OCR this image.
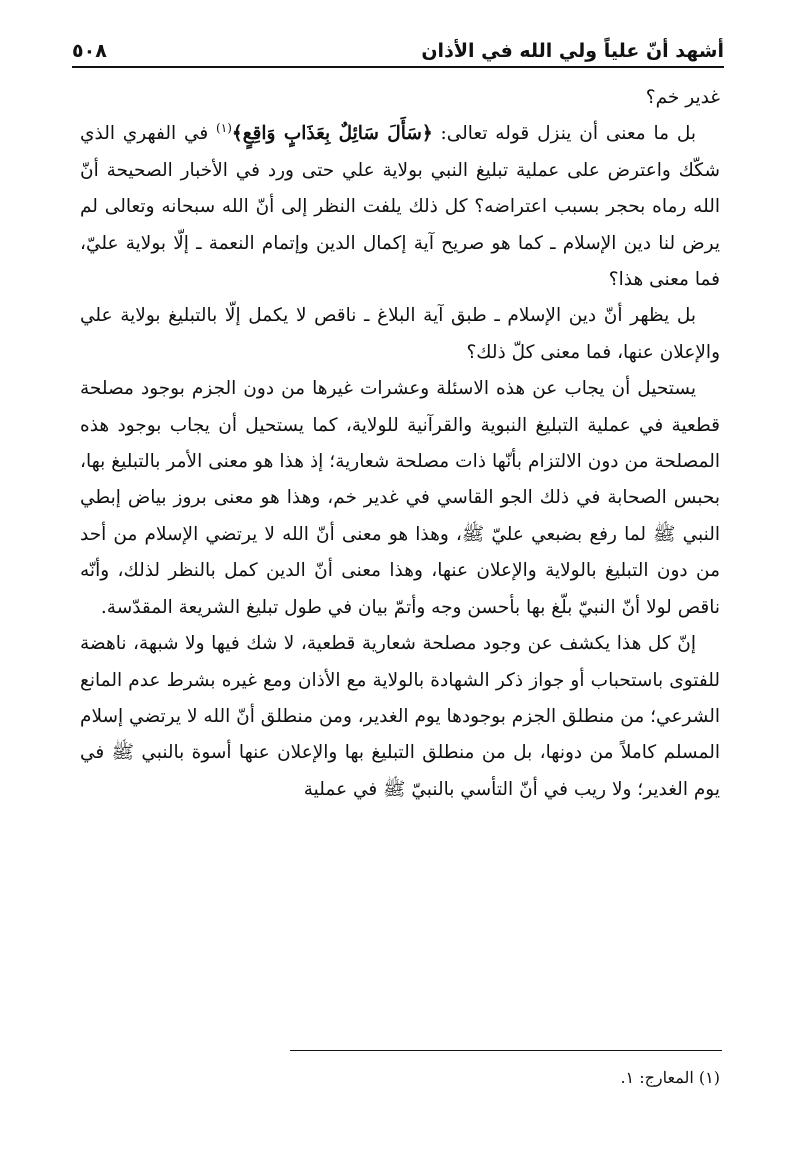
٥٠٨	أشهد أنّ علياً ولي الله في الأذان

غدير خم؟

بل ما معنى أن ينزل قوله تعالى: ﴿سَأَلَ سَائِلٌ بِعَذَابٍ وَاقِعٍ﴾$^{(١)}$ في الفهري الذي شكّك واعترض على عملية تبليغ النبي بولاية علي حتى ورد في الأخبار الصحيحة أنّ الله رماه بحجر بسبب اعتراضه؟ كل ذلك يلفت النظر إلى أنّ الله سبحانه وتعالى لم يرض لنا دين الإسلام ـ كما هو صريح آية إكمال الدين وإتمام النعمة ـ إلّا بولاية عليّ، فما معنى هذا؟

بل يظهر أنّ دين الإسلام ـ طبق آية البلاغ ـ ناقص لا يكمل إلّا بالتبليغ بولاية علي والإعلان عنها، فما معنى كلّ ذلك؟

يستحيل أن يجاب عن هذه الاسئلة وعشرات غيرها من دون الجزم بوجود مصلحة قطعية في عملية التبليغ النبوية والقرآنية للولاية، كما يستحيل أن يجاب بوجود هذه المصلحة من دون الالتزام بأنّها ذات مصلحة شعارية؛ إذ هذا هو معنى الأمر بالتبليغ بها، بحبس الصحابة في ذلك الجو القاسي في غدير خم، وهذا هو معنى بروز بياض إبطي النبي ﷺ لما رفع بضبعي عليّ ﷺ، وهذا هو معنى أنّ الله لا يرتضي الإسلام من أحد من دون التبليغ بالولاية والإعلان عنها، وهذا معنى أنّ الدين كمل بالنظر لذلك، وأنّه ناقص لولا أنّ النبيّ بلّغ بها بأحسن وجه وأتمّ بيان في طول تبليغ الشريعة المقدّسة.

إنّ كل هذا يكشف عن وجود مصلحة شعارية قطعية، لا شك فيها ولا شبهة، ناهضة للفتوى باستحباب أو جواز ذكر الشهادة بالولاية مع الأذان ومع غيره بشرط عدم المانع الشرعي؛ من منطلق الجزم بوجودها يوم الغدير، ومن منطلق أنّ الله لا يرتضي إسلام المسلم كاملاً من دونها، بل من منطلق التبليغ بها والإعلان عنها أسوة بالنبي ﷺ في يوم الغدير؛ ولا ريب في أنّ التأسي بالنبيّ ﷺ في عملية

(١) المعارج: ١.
